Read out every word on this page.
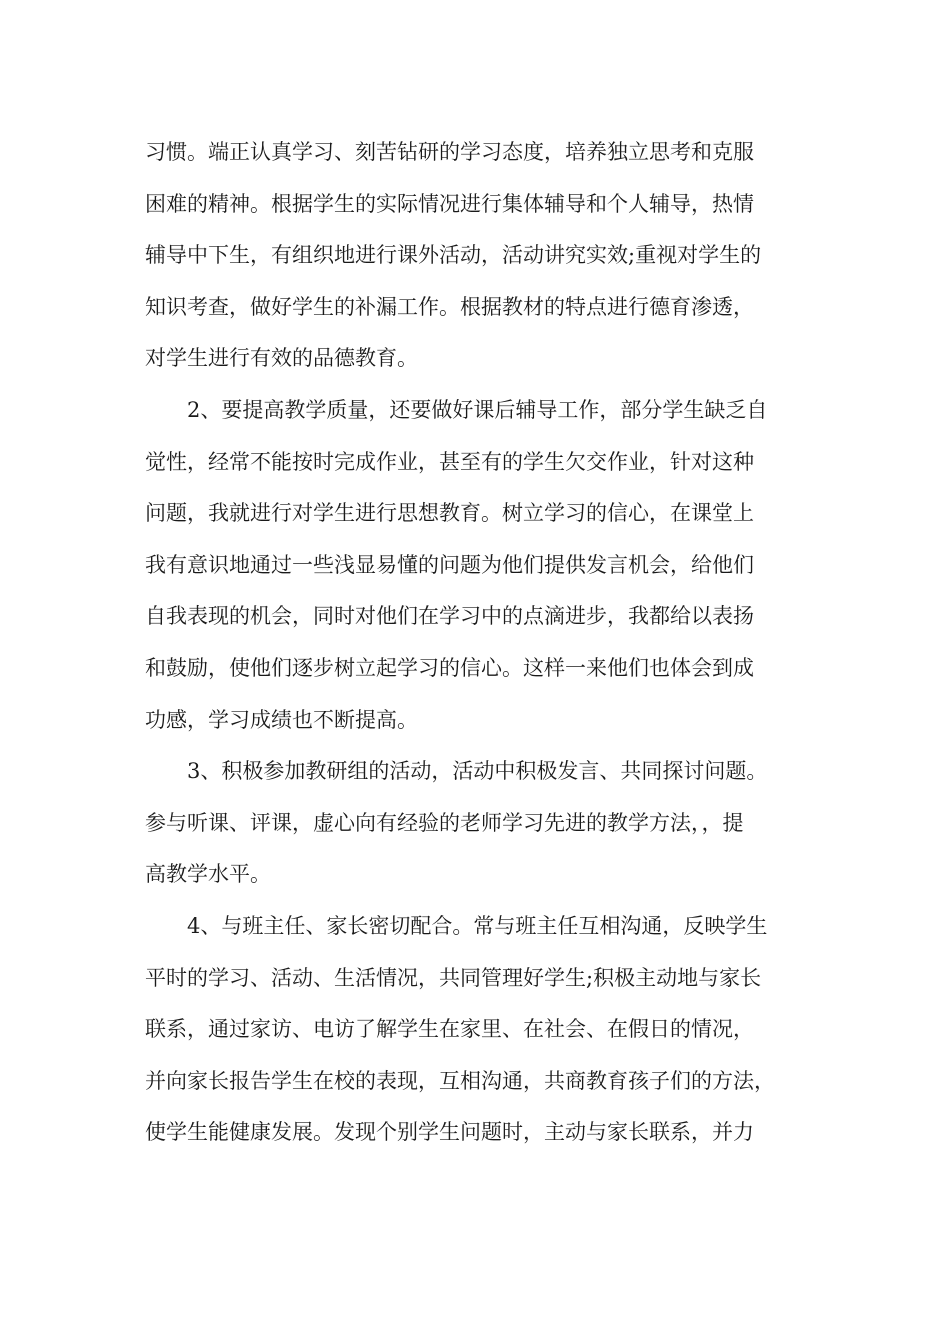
习惯。端正认真学习、刻苦钻研的学习态度，培养独立思考和克服
困难的精神。根据学生的实际情况进行集体辅导和个人辅导，热情
辅导中下生，有组织地进行课外活动，活动讲究实效;重视对学生的
知识考查，做好学生的补漏工作。根据教材的特点进行德育渗透，
对学生进行有效的品德教育。
2、要提高教学质量，还要做好课后辅导工作，部分学生缺乏自
觉性，经常不能按时完成作业，甚至有的学生欠交作业，针对这种
问题，我就进行对学生进行思想教育。树立学习的信心，在课堂上
我有意识地通过一些浅显易懂的问题为他们提供发言机会，给他们
自我表现的机会，同时对他们在学习中的点滴进步，我都给以表扬
和鼓励，使他们逐步树立起学习的信心。这样一来他们也体会到成
功感，学习成绩也不断提高。
3、积极参加教研组的活动，活动中积极发言、共同探讨问题。
参与听课、评课，虚心向有经验的老师学习先进的教学方法，，提
高教学水平。
4、与班主任、家长密切配合。常与班主任互相沟通，反映学生
平时的学习、活动、生活情况，共同管理好学生;积极主动地与家长
联系，通过家访、电访了解学生在家里、在社会、在假日的情况，
并向家长报告学生在校的表现，互相沟通，共商教育孩子们的方法，
使学生能健康发展。发现个别学生问题时，主动与家长联系，并力
